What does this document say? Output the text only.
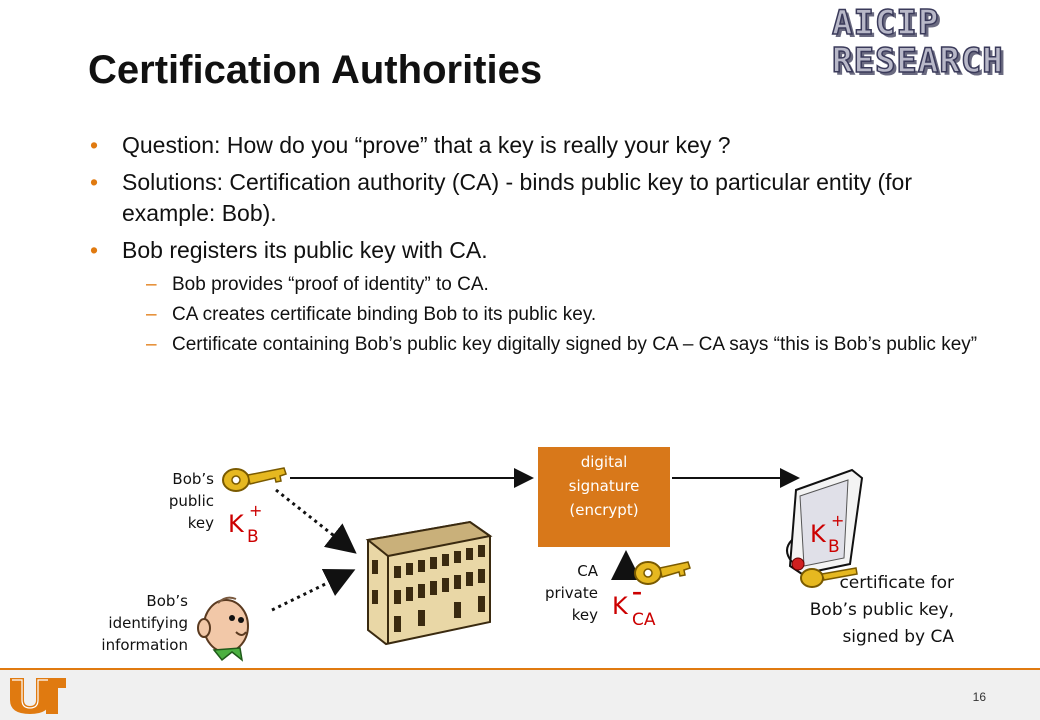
Certification Authorities
AICIP
RESEARCH
• Question: How do you “prove” that a key is really your key ?
• Solutions: Certification authority (CA) - binds public key to particular entity (for example: Bob).
• Bob registers its public key with CA.
– Bob provides “proof of identity” to CA.
– CA creates certificate binding Bob to its public key.
– Certificate containing Bob’s public key digitally signed by CA – CA says “this is Bob’s public key”
Bob’s
public
key K +
B
Bob’s
identifying
information
digital
signature
(encrypt)
CA
private
key K –
CA
K +
B
certificate for
Bob’s public key,
signed by CA
16
